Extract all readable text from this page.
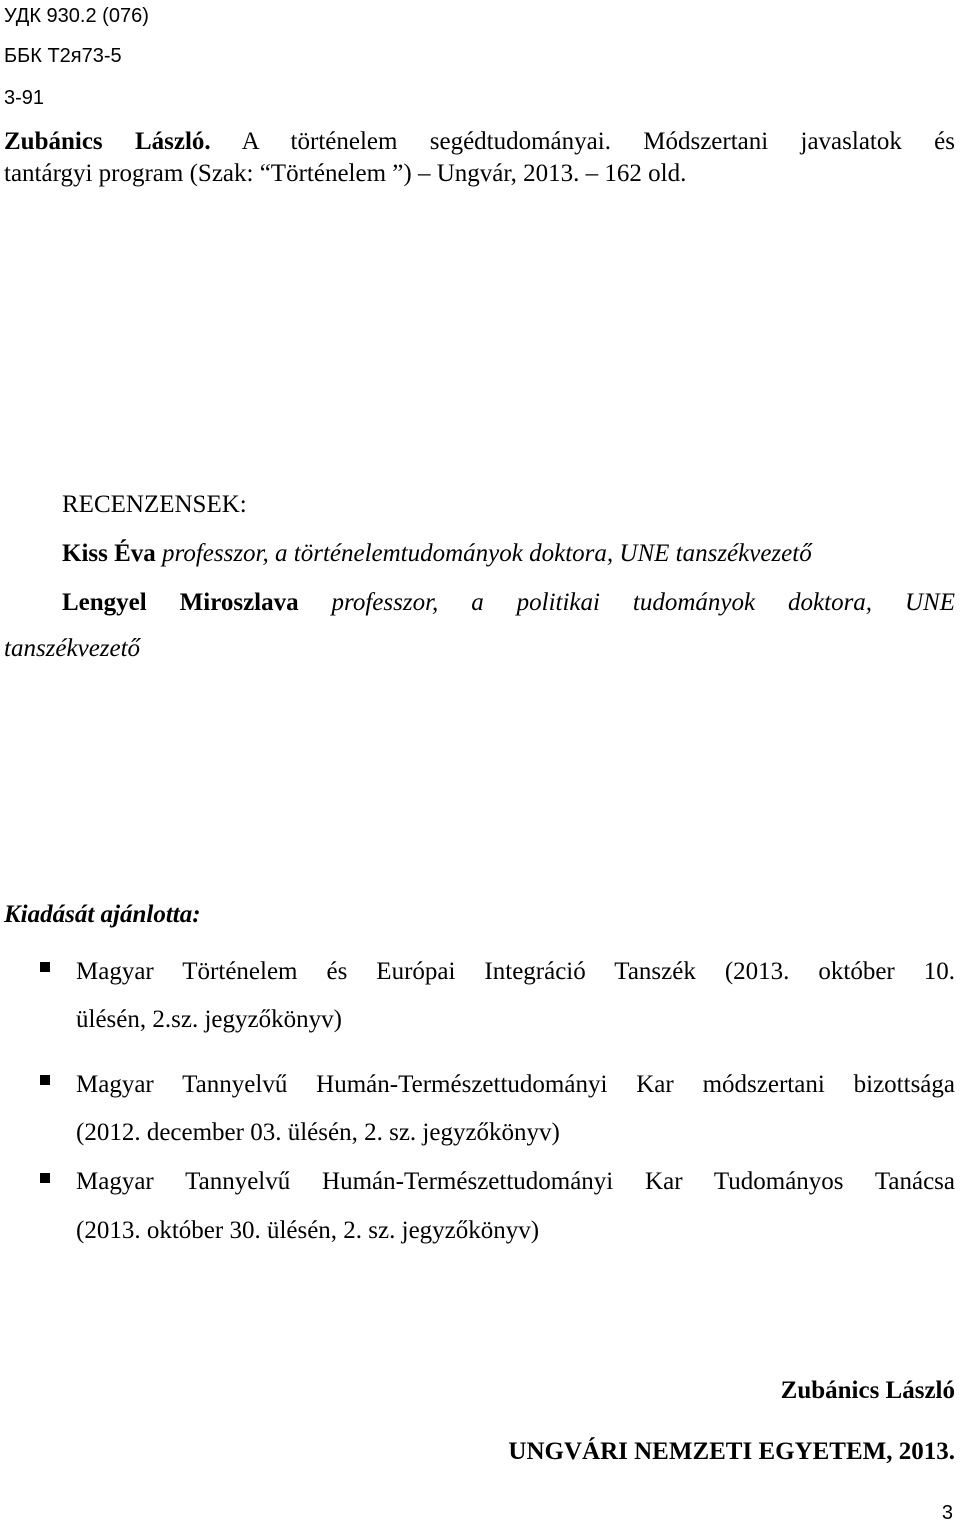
УДК 930.2 (076)
ББК Т2я73-5
3-91
Zubánics László. A történelem segédtudományai. Módszertani javaslatok és
tantárgyi program (Szak: “Történelem ”) – Ungvár, 2013. – 162 old.
RECENZENSEK:
Kiss Éva professzor, a történelemtudományok doktora, UNE tanszékvezető
Lengyel Miroszlava professzor, a politikai tudományok doktora, UNE
tanszékvezető
Kiadását ajánlotta:
Magyar Történelem és Európai Integráció Tanszék (2013. október 10.
ülésén, 2.sz. jegyzőkönyv)
Magyar Tannyelvű Humán-Természettudományi Kar módszertani bizottsága
(2012. december 03. ülésén, 2. sz. jegyzőkönyv)
Magyar Tannyelvű Humán-Természettudományi Kar Tudományos Tanácsa
(2013. október 30. ülésén, 2. sz. jegyzőkönyv)
Zubánics László
UNGVÁRI NEMZETI EGYETEM, 2013.
3
